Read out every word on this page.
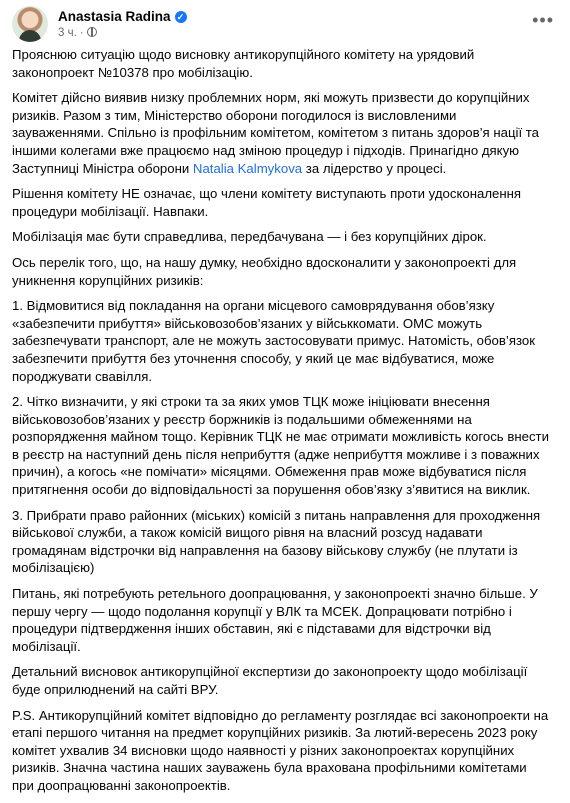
Anastasia Radina ✓
3 ч. ·
•••

Прояснюю ситуацію щодо висновку антикорупційного комітету на урядовий законопроект №10378 про мобілізацію.

Комітет дійсно виявив низку проблемних норм, які можуть призвести до корупційних ризиків. Разом з тим, Міністерство оборони погодилося із висловленими зауваженнями. Спільно із профільним комітетом, комітетом з питань здоров’я нації та іншими колегами вже працюємо над зміною процедур і підходів. Принагідно дякую Заступниці Міністра оборони Natalia Kalmykova за лідерство у процесі.

Рішення комітету НЕ означає, що члени комітету виступають проти удосконалення процедури мобілізації. Навпаки.

Мобілізація має бути справедлива, передбачувана — і без корупційних дірок.

Ось перелік того, що, на нашу думку, необхідно вдосконалити у законопроекті для уникнення корупційних ризиків:

1. Відмовитися від покладання на органи місцевого самоврядування обов’язку «забезпечити прибуття» військовозобов’язаних у військкомати. ОМС можуть забезпечувати транспорт, але не можуть застосовувати примус. Натомість, обов’язок забезпечити прибуття без уточнення способу, у який це має відбуватися, може породжувати свавілля.

2. Чітко визначити, у які строки та за яких умов ТЦК може ініціювати внесення військовозобов’язаних у реєстр боржників із подальшими обмеженнями на розпорядження майном тощо. Керівник ТЦК не має отримати можливість когось внести в реєстр на наступний день після неприбуття (адже неприбуття можливе і з поважних причин), а когось «не помічати» місяцями. Обмеження прав може відбуватися після притягнення особи до відповідальності за порушення обов’язку з’явитися на виклик.

3. Прибрати право районних (міських) комісій з питань направлення для проходження військової служби, а також комісій вищого рівня на власний розсуд надавати громадянам відстрочки від направлення на базову військову службу (не плутати із мобілізацією)

Питань, які потребують ретельного доопрацювання, у законопроекті значно більше. У першу чергу — щодо подолання корупції у ВЛК та МСЕК. Допрацювати потрібно і процедури підтвердження інших обставин, які є підставами для відстрочки від мобілізації.

Детальний висновок антикорупційної експертизи до законопроекту щодо мобілізації буде оприлюднений на сайті ВРУ.

P.S. Антикорупційний комітет відповідно до регламенту розглядає всі законопроекти на етапі першого читання на предмет корупційних ризиків. За лютий-вересень 2023 року комітет ухвалив 34 висновки щодо наявності у різних законопроектах корупційних ризиків. Значна частина наших зауважень була врахована профільними комітетами при доопрацюванні законопроектів.
